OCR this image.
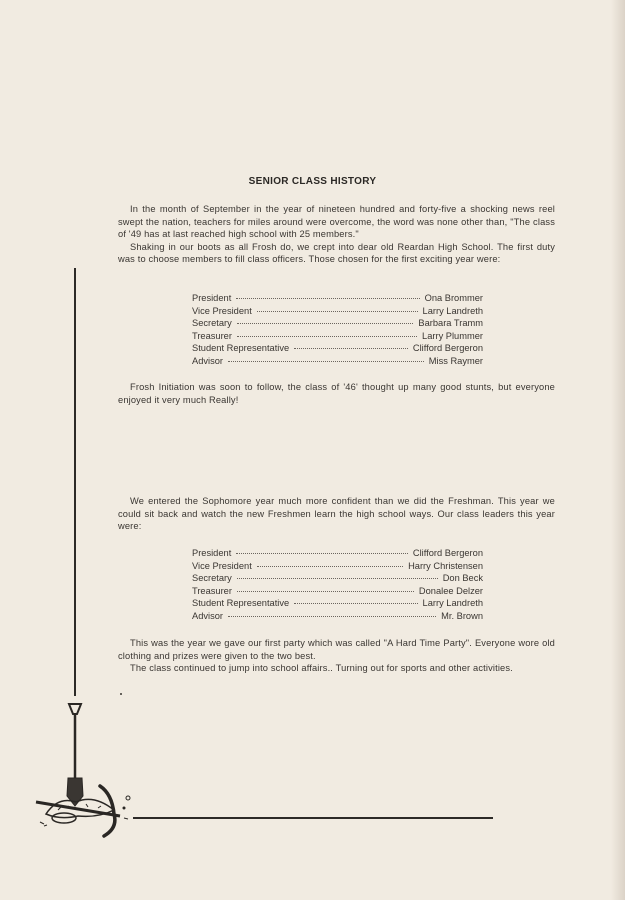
SENIOR CLASS HISTORY

In the month of September in the year of nineteen hundred and forty-five a shocking news reel swept the nation, teachers for miles around were overcome, the word was none other than, "The class of '49 has at last reached high school with 25 members."

Shaking in our boots as all Frosh do, we crept into dear old Reardan High School. The first duty was to choose members to fill class officers. Those chosen for the first exciting year were:

President	Ona Brommer
Vice President	Larry Landreth
Secretary	Barbara Tramm
Treasurer	Larry Plummer
Student Representative	Clifford Bergeron
Advisor	Miss Raymer

Frosh Initiation was soon to follow, the class of '46' thought up many good stunts, but everyone enjoyed it very much Really!

We entered the Sophomore year much more confident than we did the Freshman. This year we could sit back and watch the new Freshmen learn the high school ways. Our class leaders this year were:

President	Clifford Bergeron
Vice President	Harry Christensen
Secretary	Don Beck
Treasurer	Donalee Delzer
Student Representative	Larry Landreth
Advisor	Mr. Brown

This was the year we gave our first party which was called "A Hard Time Party". Everyone wore old clothing and prizes were given to the two best.

The class continued to jump into school affairs.. Turning out for sports and other activities.
